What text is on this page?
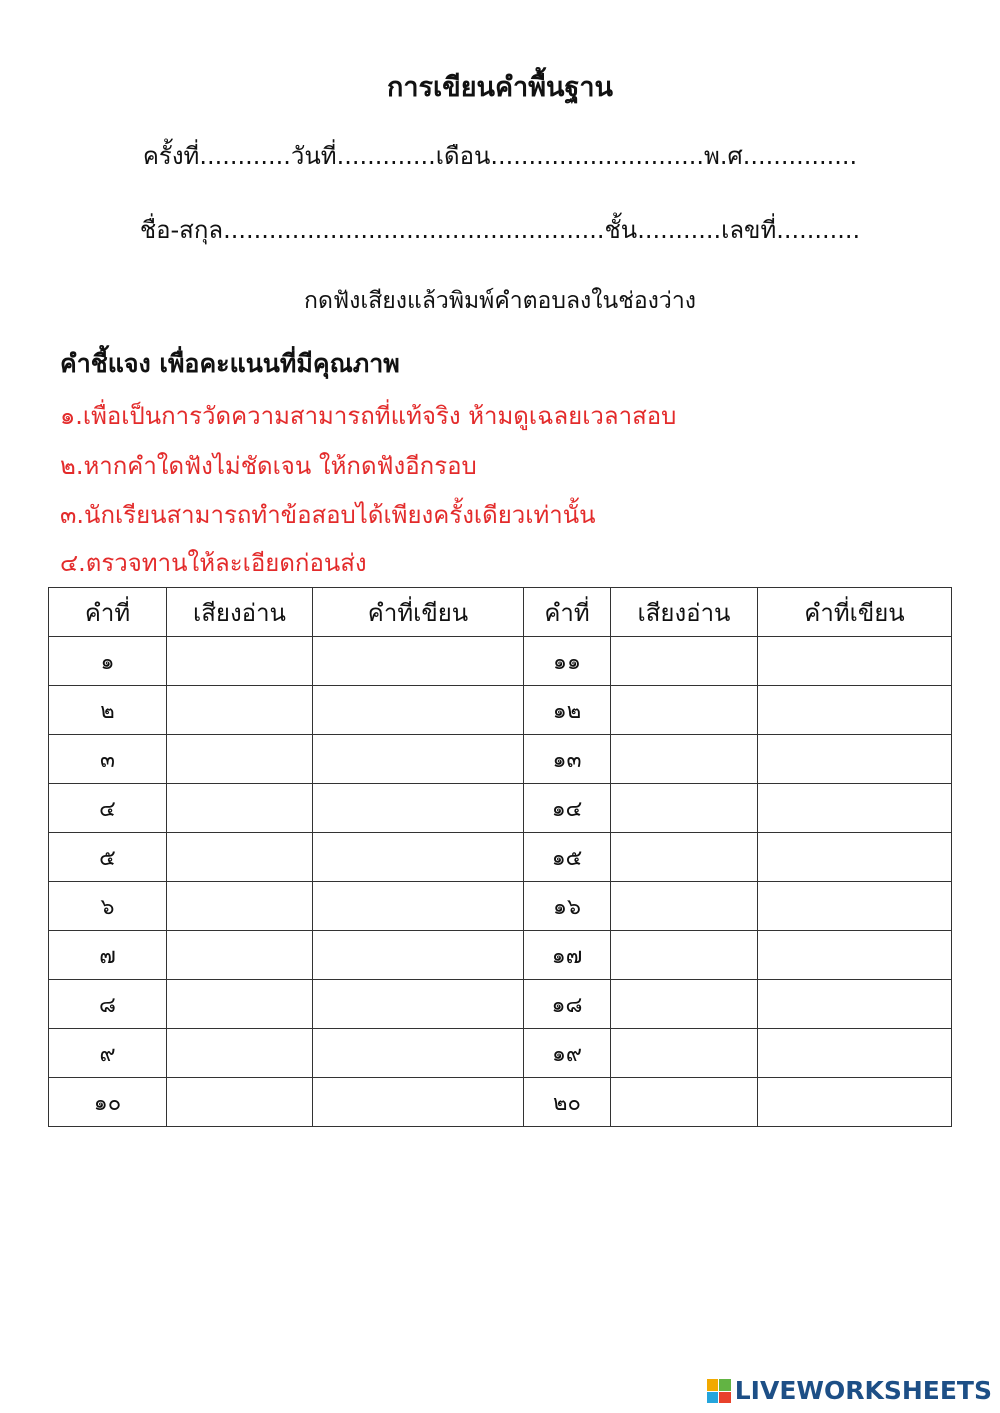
การเขียนคำพื้นฐาน
ครั้งที่............วันที่.............เดือน............................พ.ศ...............
ชื่อ-สกุล..................................................ชั้น...........เลขที่...........
กดฟังเสียงแล้วพิมพ์คำตอบลงในช่องว่าง
คำชี้แจง เพื่อคะแนนที่มีคุณภาพ
๑.เพื่อเป็นการวัดความสามารถที่แท้จริง ห้ามดูเฉลยเวลาสอบ
๒.หากคำใดฟังไม่ชัดเจน ให้กดฟังอีกรอบ
๓.นักเรียนสามารถทำข้อสอบได้เพียงครั้งเดียวเท่านั้น
๔.ตรวจทานให้ละเอียดก่อนส่ง
คำที่	เสียงอ่าน	คำที่เขียน	คำที่	เสียงอ่าน	คำที่เขียน
๑			๑๑		
๒			๑๒		
๓			๑๓		
๔			๑๔		
๕			๑๕		
๖			๑๖		
๗			๑๗		
๘			๑๘		
๙			๑๙		
๑๐			๒๐		
LIVEWORKSHEETS
